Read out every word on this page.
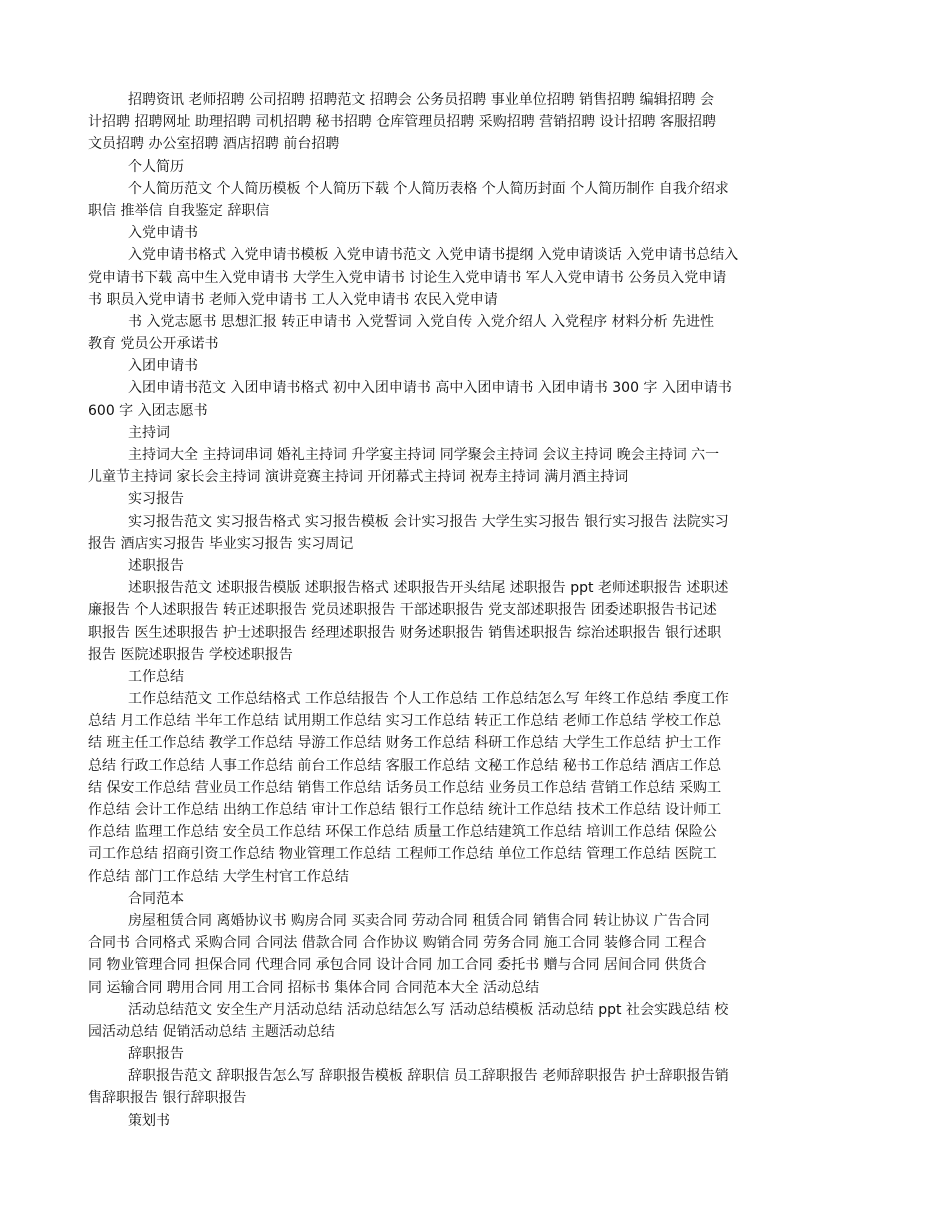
招聘资讯 老师招聘 公司招聘 招聘范文 招聘会 公务员招聘 事业单位招聘 销售招聘 编辑招聘 会
计招聘 招聘网址 助理招聘 司机招聘 秘书招聘 仓库管理员招聘 采购招聘 营销招聘 设计招聘 客服招聘
文员招聘 办公室招聘 酒店招聘 前台招聘
个人简历
个人简历范文 个人简历模板 个人简历下载 个人简历表格 个人简历封面 个人简历制作 自我介绍求
职信 推举信 自我鉴定 辞职信
入党申请书
入党申请书格式 入党申请书模板 入党申请书范文 入党申请书提纲 入党申请谈话 入党申请书总结入
党申请书下载 高中生入党申请书 大学生入党申请书 讨论生入党申请书 军人入党申请书 公务员入党申请
书 职员入党申请书 老师入党申请书 工人入党申请书 农民入党申请
书 入党志愿书 思想汇报 转正申请书 入党誓词 入党自传 入党介绍人 入党程序 材料分析 先进性
教育 党员公开承诺书
入团申请书
入团申请书范文 入团申请书格式 初中入团申请书 高中入团申请书 入团申请书 300 字 入团申请书
600 字 入团志愿书
主持词
主持词大全 主持词串词 婚礼主持词 升学宴主持词 同学聚会主持词 会议主持词 晚会主持词 六一
儿童节主持词 家长会主持词 演讲竞赛主持词 开闭幕式主持词 祝寿主持词 满月酒主持词
实习报告
实习报告范文 实习报告格式 实习报告模板 会计实习报告 大学生实习报告 银行实习报告 法院实习
报告 酒店实习报告 毕业实习报告 实习周记
述职报告
述职报告范文 述职报告模版 述职报告格式 述职报告开头结尾 述职报告 ppt 老师述职报告 述职述
廉报告 个人述职报告 转正述职报告 党员述职报告 干部述职报告 党支部述职报告 团委述职报告书记述
职报告 医生述职报告 护士述职报告 经理述职报告 财务述职报告 销售述职报告 综治述职报告 银行述职
报告 医院述职报告 学校述职报告
工作总结
工作总结范文 工作总结格式 工作总结报告 个人工作总结 工作总结怎么写 年终工作总结 季度工作
总结 月工作总结 半年工作总结 试用期工作总结 实习工作总结 转正工作总结 老师工作总结 学校工作总
结 班主任工作总结 教学工作总结 导游工作总结 财务工作总结 科研工作总结 大学生工作总结 护士工作
总结 行政工作总结 人事工作总结 前台工作总结 客服工作总结 文秘工作总结 秘书工作总结 酒店工作总
结 保安工作总结 营业员工作总结 销售工作总结 话务员工作总结 业务员工作总结 营销工作总结 采购工
作总结 会计工作总结 出纳工作总结 审计工作总结 银行工作总结 统计工作总结 技术工作总结 设计师工
作总结 监理工作总结 安全员工作总结 环保工作总结 质量工作总结建筑工作总结 培训工作总结 保险公
司工作总结 招商引资工作总结 物业管理工作总结 工程师工作总结 单位工作总结 管理工作总结 医院工
作总结 部门工作总结 大学生村官工作总结
合同范本
房屋租赁合同 离婚协议书 购房合同 买卖合同 劳动合同 租赁合同 销售合同 转让协议 广告合同
合同书 合同格式 采购合同 合同法 借款合同 合作协议 购销合同 劳务合同 施工合同 装修合同 工程合
同 物业管理合同 担保合同 代理合同 承包合同 设计合同 加工合同 委托书 赠与合同 居间合同 供货合
同 运输合同 聘用合同 用工合同 招标书 集体合同 合同范本大全 活动总结
活动总结范文 安全生产月活动总结 活动总结怎么写 活动总结模板 活动总结 ppt 社会实践总结 校
园活动总结 促销活动总结 主题活动总结
辞职报告
辞职报告范文 辞职报告怎么写 辞职报告模板 辞职信 员工辞职报告 老师辞职报告 护士辞职报告销
售辞职报告 银行辞职报告
策划书
